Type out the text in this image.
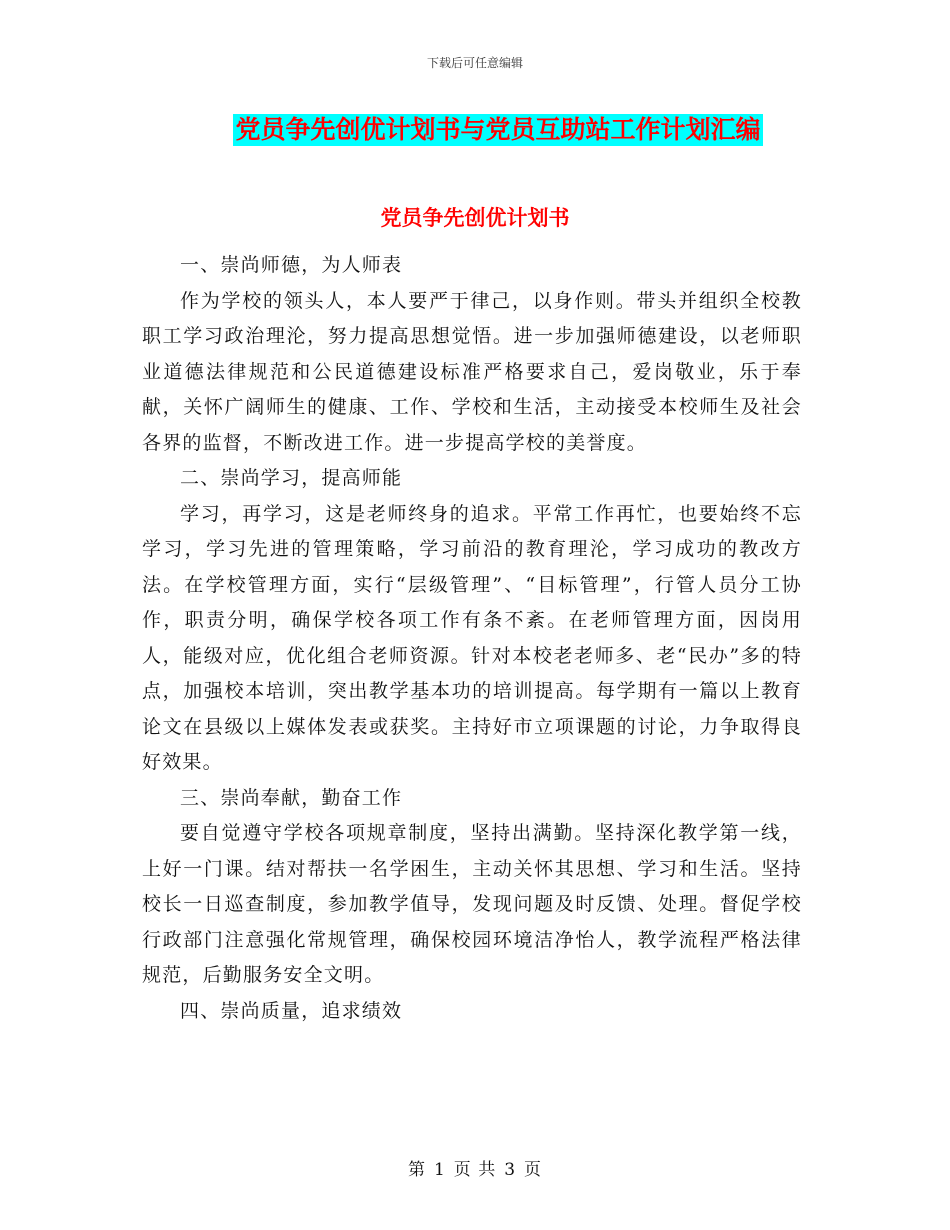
下载后可任意编辑
党员争先创优计划书与党员互助站工作计划汇编
党员争先创优计划书

一、崇尚师德，为人师表

作为学校的领头人，本人要严于律己，以身作则。带头并组织全校教职工学习政治理沦，努力提高思想觉悟。进一步加强师德建设，以老师职业道德法律规范和公民道德建设标准严格要求自己，爱岗敬业，乐于奉献，关怀广阔师生的健康、工作、学校和生活，主动接受本校师生及社会各界的监督，不断改进工作。进一步提高学校的美誉度。

二、崇尚学习，提高师能

学习，再学习，这是老师终身的追求。平常工作再忙，也要始终不忘学习，学习先进的管理策略，学习前沿的教育理沦，学习成功的教改方法。在学校管理方面，实行“层级管理”、“目标管理”，行管人员分工协作，职责分明，确保学校各项工作有条不紊。在老师管理方面，因岗用人，能级对应，优化组合老师资源。针对本校老老师多、老“民办”多的特点，加强校本培训，突出教学基本功的培训提高。每学期有一篇以上教育论文在县级以上媒体发表或获奖。主持好市立项课题的讨论，力争取得良好效果。

三、崇尚奉献，勤奋工作

要自觉遵守学校各项规章制度，坚持出满勤。坚持深化教学第一线，上好一门课。结对帮扶一名学困生，主动关怀其思想、学习和生活。坚持校长一日巡查制度，参加教学值导，发现问题及时反馈、处理。督促学校行政部门注意强化常规管理，确保校园环境洁净怡人，教学流程严格法律规范，后勤服务安全文明。

四、崇尚质量，追求绩效

第 1 页 共 3 页
